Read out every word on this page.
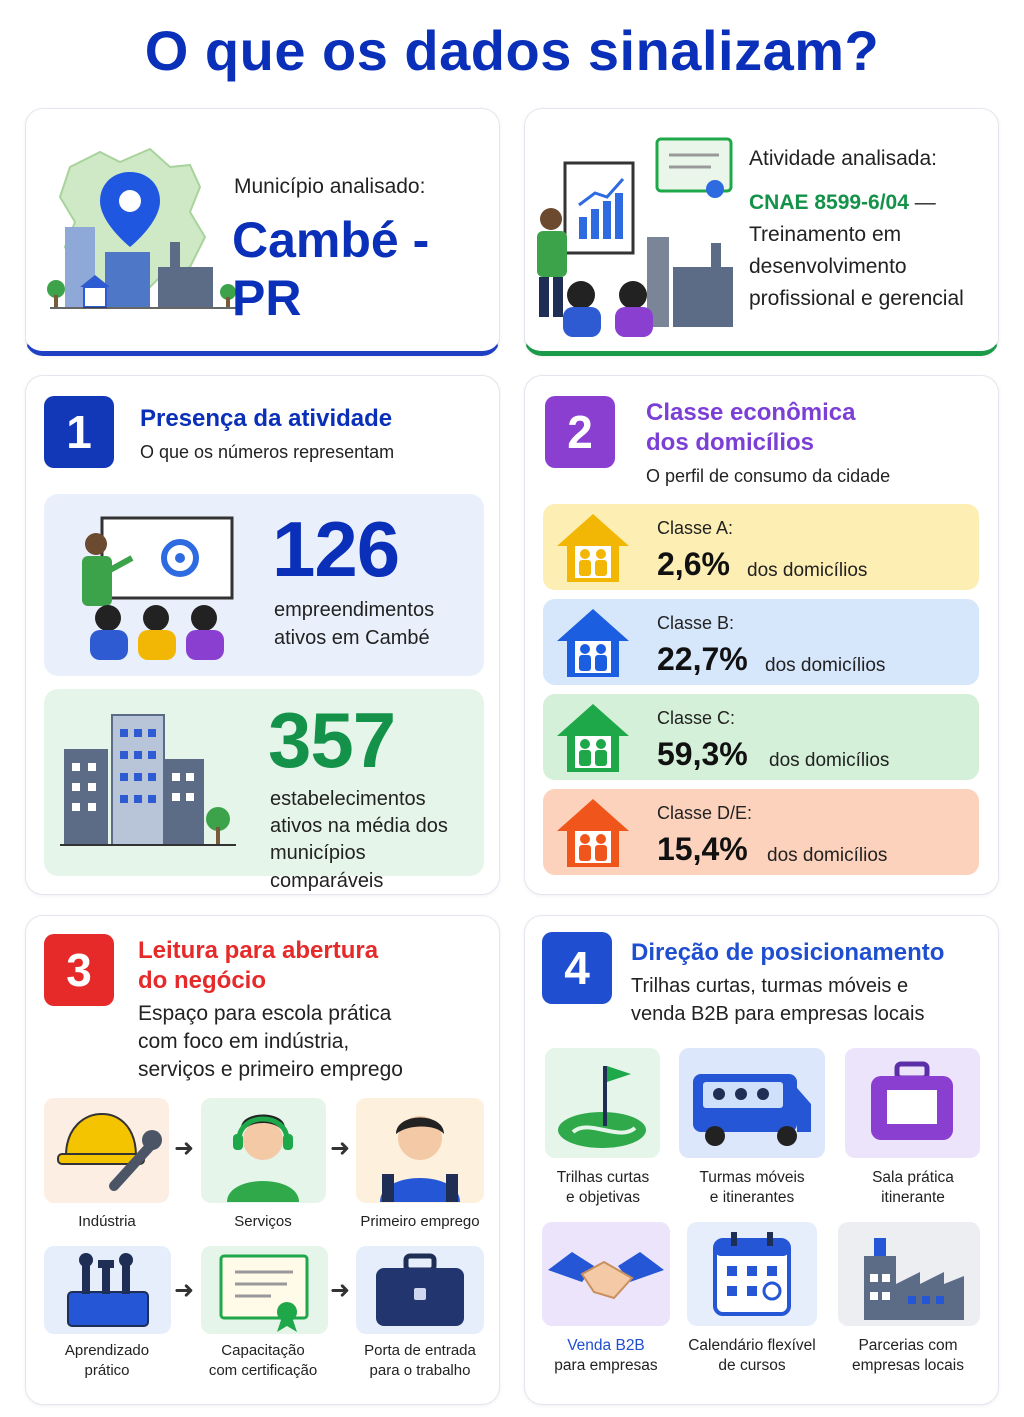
O que os dados sinalizam?
Município analisado:
Cambé - PR
Atividade analisada:
CNAE 8599-6/04 — Treinamento em desenvolvimento profissional e gerencial
1	Presença da atividade
O que os números representam
126
empreendimentos
ativos em Cambé
357
estabelecimentos
ativos na média dos
municípios comparáveis
2	Classe econômica
dos domicílios
O perfil de consumo da cidade
Classe A:
2,6% dos domicílios
Classe B:
22,7% dos domicílios
Classe C:
59,3% dos domicílios
Classe D/E:
15,4% dos domicílios
3	Leitura para abertura
do negócio
Espaço para escola prática
com foco em indústria,
serviços e primeiro emprego
➜	➜
Indústria	Serviços	Primeiro emprego
➜	➜
Aprendizado
prático
Capacitação
com certificação
Porta de entrada
para o trabalho
4	Direção de posicionamento
Trilhas curtas, turmas móveis e
venda B2B para empresas locais
Trilhas curtas
e objetivas
Turmas móveis
e itinerantes
Sala prática
itinerante
Venda B2B
para empresas
Calendário flexível
de cursos
Parcerias com
empresas locais
